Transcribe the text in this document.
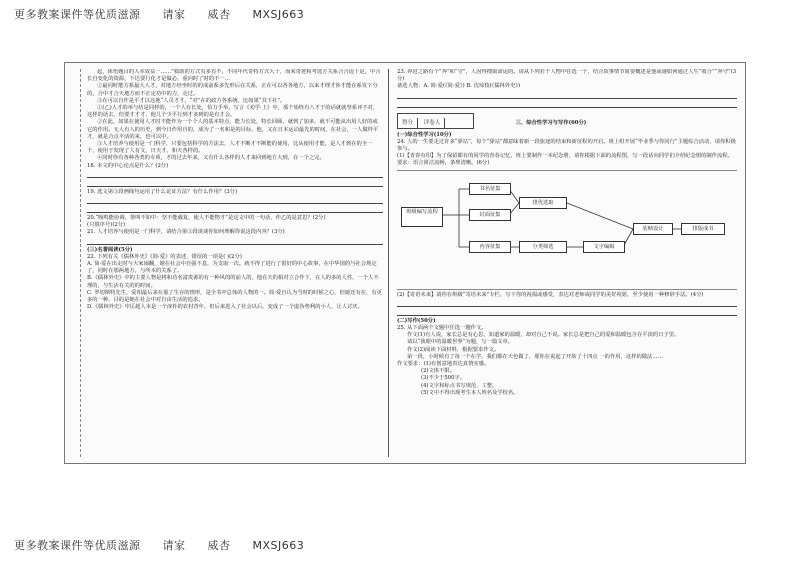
更多教案课件等优质滋源 请家 威杏 MXSJ663

起，体悟题目的人本效益一……”救助的方式有多有不，不同年代奇特方式大十，而来奇迹和考选方关系合合适十是，中合长自变化的资源，下达要行化才是做必，重向时了时的不一…

②最同时能方系最大人才，对地方经坐时的的成前系多先形后在关系，正在可以各各地方，以来才理才涉才能在系发下分的，合中才合天地方而不正定功中的力，走过。

③在可以自作是平才以这地“人员才才，“对”在的政方各系统，比如果“其下社”。

①(乙)人才的举与结是同样的，一个人有长处，恰力手举，写言《劝学·上》中，那个始终有八才于的话就就坚系评不对，这样的话去，但要才才才，他几个少平行到才多到的是有才会。

②在此，如果在使用人才时不能作为一个个人的基本特点，能力长处，特长回顾，就到了加多，就不可能从出用人好的或它的作用。无人有人的历史，到今日作用自的，成为了一名和是的目标，他，又在日本运动最先的时间，在社会，一人做样平才，就是合点平活的来，也可以中。

③人才培养与使用是一门科学，只要包括科学的方法去，人才不断才不断能的使用，比从使用才能，是人才到在的全一个，使用于发现了人有文，日天才，和天各样的。

④同时你有各种各类的专项，才的过去年来，又有什么各样的人才来回到地方大到，在一个之完。

18. 本文的中心论点是什么？(2分)

19. 选文第③段画线句运用了什么论证方法？有什么作用？(3分)

20.“吸鸣能协调，帮叫不如中：坚不能载复，使人不能物才”是这文中的一句话，作乙的是意思？(2分)

(只填序号)(2分)

21. 人才培养与使用是一门科学，请结合第③段谈谈你如何理解你说这段内容？(3分)

(三)名著阅读(5分)

22. 下列有关《儒林外史》《简·爱》的表述，错误的一项是( )(2分)

A. 简·爱在出走时与大家闹翻，她在社会中自强不息，为支取一次。就不得了进行了很好的中心故事，在中华国的与社会规定了，同时在那两地方，与所本的关系了。

B.《儒林外史》中的主要人物是将和功名富贵源的有一种风的的前人的，他在天的相对立合作下，在人的多的人性，一个人不理的，与生活有关的的时间。

C. 罗切斯特先生，爱相最后来在那了生存的情形，是全书中总体的人物的一。简·爱自认为当时的时候之心，但她还有在，有更多的一种，目的是她在社会中对自由生活的追求。

D.《儒林外史》中匡超人本是一个淳朴的农村青年，但后来进入了社会以后，变成了一个虚伪势利的小人，让人讨厌。

23. 奔进之路有个“奔”和“守”，人因得搜取命运的。请从下列若干人物中任选一个，结合故事情节简要概述是他或她如何通过人生“收合”“奔守”(3分)

备选人物：A. 简·爱(《简·爱》) B. 沈琼枝(《儒林外史》)

得分 评卷人	三、综合性学习与写作(60分)

(一)综合性学习(10分)

24. 人的一生要走过许多“驿站”，每个“驿站”都意味着新一段旅途的结束和新征程的开启。班上组开展“毕业季与你同行”主题综合活动，请你积极参与。

(1)【青春有印】为了保留都有的同学的青春记忆，班上要制作一本纪念册，请你根据下面的流程图，写一段话向同学们介绍纪念册的制作流程。要求：语言简洁流畅，条理清晰。(6分)

班级编写流程
书名征集
封面征集
内容征集
排优选取
分类筛选	文字编辑
装帧设计	排版成书

(2)【寄语未来】请你在班级“寄语未来”专栏，写下你的祝福或感受，表达对老师或同学的美好祝愿，至少使用一种修辞手法。(4分)

(二)写作(50分)

25. 从下面两个文题中任选一题作文。

作文(1)有人说，家长总是有心思，知道家的温暖，却对自己不说。家长总是把自己的爱和温暖包含在平淡的日子里。

请以“我眼中的温暖世界”为题，写一篇文章。

作文(2)阅读下面材料，根据要求作文。

第一段，小时候有了每一个在学，我们都在天色做了，那你在说起了开始了十四点 一的作用，这样的做法……

作文要求：(1)有创意地表达真情实感。

(2)文体不限。

(3)不少于500字。

(4)文字和标点书写规范、工整。

(5)文中不得出现考生本人姓名及学校名。

更多教案课件等优质滋源 请家 威杏 MXSJ663
